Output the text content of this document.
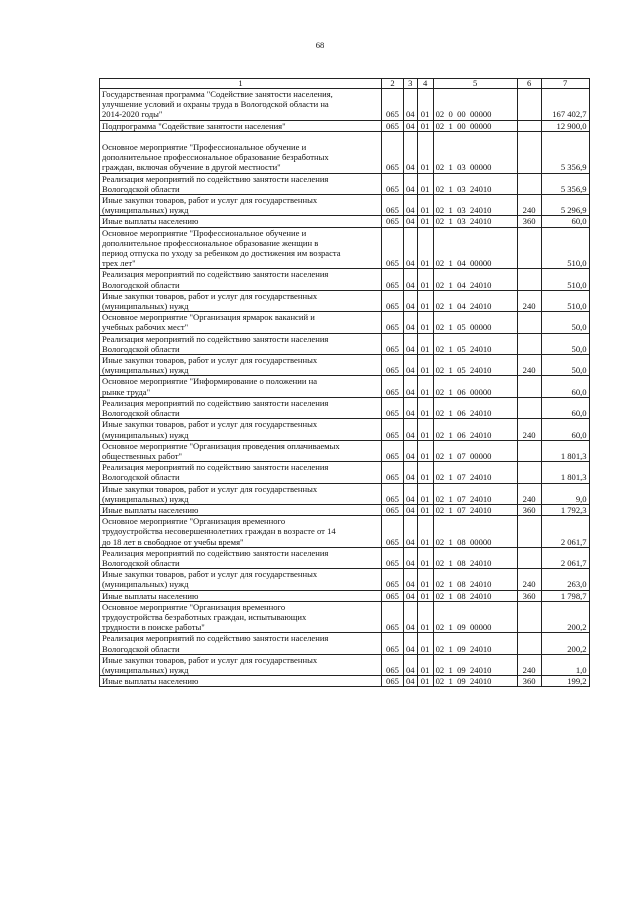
68
1	2	3	4	5	6	7
Государственная программа "Содействие занятости населения,
улучшение условий и охраны труда в Вологодской области на
2014-2020 годы"	065	04	01	02  0  00  00000		167 402,7
Подпрограмма "Содействие занятости населения"	065	04	01	02  1  00  00000		12 900,0

Основное мероприятие "Профессиональное обучение и
дополнительное профессиональное образование безработных
граждан, включая обучение в другой местности"	065	04	01	02  1  03  00000		5 356,9
Реализация мероприятий по содействию занятости населения
Вологодской области	065	04	01	02  1  03  24010		5 356,9
Иные закупки товаров, работ и услуг для государственных
(муниципальных) нужд	065	04	01	02  1  03  24010	240	5 296,9
Иные выплаты населению	065	04	01	02  1  03  24010	360	60,0
Основное мероприятие "Профессиональное обучение и
дополнительное профессиональное образование женщин в
период отпуска по уходу за ребенком до достижения им возраста
трех лет"	065	04	01	02  1  04  00000		510,0
Реализация мероприятий по содействию занятости населения
Вологодской области	065	04	01	02  1  04  24010		510,0
Иные закупки товаров, работ и услуг для государственных
(муниципальных) нужд	065	04	01	02  1  04  24010	240	510,0
Основное мероприятие "Организация ярмарок вакансий и
учебных рабочих мест"	065	04	01	02  1  05  00000		50,0
Реализация мероприятий по содействию занятости населения
Вологодской области	065	04	01	02  1  05  24010		50,0
Иные закупки товаров, работ и услуг для государственных
(муниципальных) нужд	065	04	01	02  1  05  24010	240	50,0
Основное мероприятие "Информирование о положении на
рынке труда"	065	04	01	02  1  06  00000		60,0
Реализация мероприятий по содействию занятости населения
Вологодской области	065	04	01	02  1  06  24010		60,0
Иные закупки товаров, работ и услуг для государственных
(муниципальных) нужд	065	04	01	02  1  06  24010	240	60,0
Основное мероприятие "Организация проведения оплачиваемых
общественных работ"	065	04	01	02  1  07  00000		1 801,3
Реализация мероприятий по содействию занятости населения
Вологодской области	065	04	01	02  1  07  24010		1 801,3
Иные закупки товаров, работ и услуг для государственных
(муниципальных) нужд	065	04	01	02  1  07  24010	240	9,0
Иные выплаты населению	065	04	01	02  1  07  24010	360	1 792,3
Основное мероприятие "Организация временного
трудоустройства несовершеннолетних граждан в возрасте от 14
до 18 лет в свободное от учебы время"	065	04	01	02  1  08  00000		2 061,7
Реализация мероприятий по содействию занятости населения
Вологодской области	065	04	01	02  1  08  24010		2 061,7
Иные закупки товаров, работ и услуг для государственных
(муниципальных) нужд	065	04	01	02  1  08  24010	240	263,0
Иные выплаты населению	065	04	01	02  1  08  24010	360	1 798,7
Основное мероприятие "Организация временного
трудоустройства безработных граждан, испытывающих
трудности в поиске работы"	065	04	01	02  1  09  00000		200,2
Реализация мероприятий по содействию занятости населения
Вологодской области	065	04	01	02  1  09  24010		200,2
Иные закупки товаров, работ и услуг для государственных
(муниципальных) нужд	065	04	01	02  1  09  24010	240	1,0
Иные выплаты населению	065	04	01	02  1  09  24010	360	199,2
